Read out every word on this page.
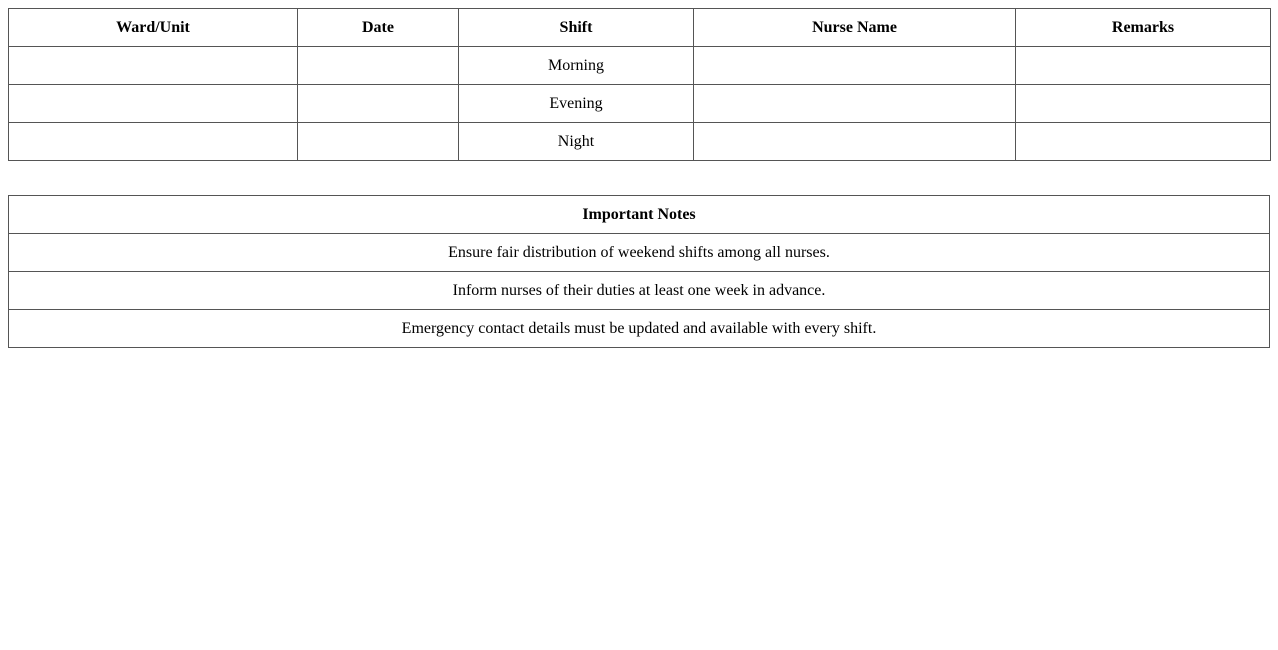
Ward/Unit	Date	Shift	Nurse Name	Remarks
		Morning		
		Evening		
		Night		
Important Notes
Ensure fair distribution of weekend shifts among all nurses.
Inform nurses of their duties at least one week in advance.
Emergency contact details must be updated and available with every shift.
